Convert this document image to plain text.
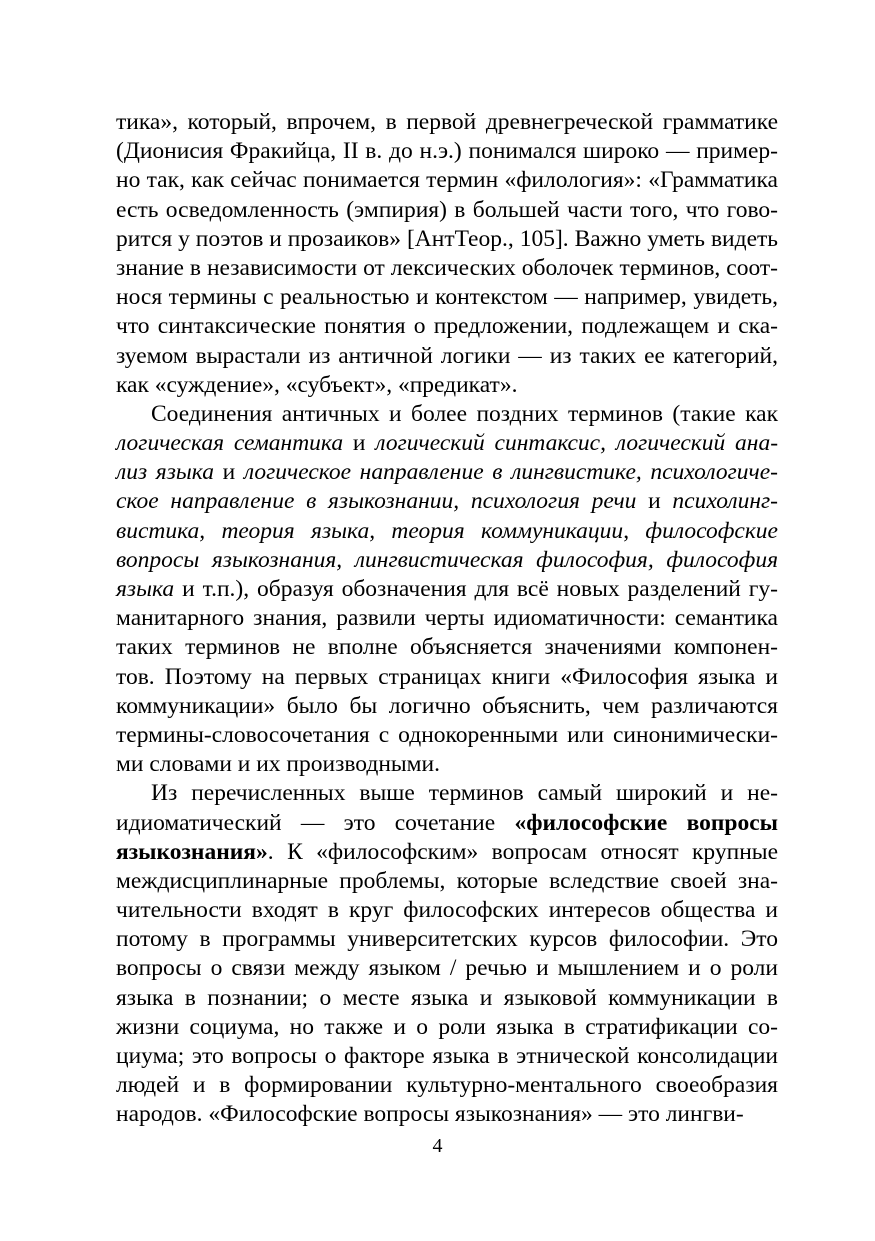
тика», который, впрочем, в первой древнегреческой грамматике
(Дионисия Фракийца, II в. до н.э.) понимался широко — пример-
но так, как сейчас понимается термин «филология»: «Грамматика
есть осведомленность (эмпирия) в большей части того, что гово-
рится у поэтов и прозаиков» [АнтТеор., 105]. Важно уметь видеть
знание в независимости от лексических оболочек терминов, соот-
нося термины с реальностью и контекстом — например, увидеть,
что синтаксические понятия о предложении, подлежащем и ска-
зуемом вырастали из античной логики — из таких ее категорий,
как «суждение», «субъект», «предикат».
Соединения античных и более поздних терминов (такие как
логическая семантика и логический синтаксис, логический ана-
лиз языка и логическое направление в лингвистике, психологиче-
ское направление в языкознании, психология речи и психолинг-
вистика, теория языка, теория коммуникации, философские
вопросы языкознания, лингвистическая философия, философия
языка и т.п.), образуя обозначения для всё новых разделений гу-
манитарного знания, развили черты идиоматичности: семантика
таких терминов не вполне объясняется значениями компонен-
тов. Поэтому на первых страницах книги «Философия языка и
коммуникации» было бы логично объяснить, чем различаются
термины-словосочетания с однокоренными или синонимически-
ми словами и их производными.
Из перечисленных выше терминов самый широкий и не-
идиоматический — это сочетание «философские вопросы
языкознания». К «философским» вопросам относят крупные
междисциплинарные проблемы, которые вследствие своей зна-
чительности входят в круг философских интересов общества и
потому в программы университетских курсов философии. Это
вопросы о связи между языком / речью и мышлением и о роли
языка в познании; о месте языка и языковой коммуникации в
жизни социума, но также и о роли языка в стратификации со-
циума; это вопросы о факторе языка в этнической консолидации
людей и в формировании культурно-ментального своеобразия
народов. «Философские вопросы языкознания» — это лингви-
4
